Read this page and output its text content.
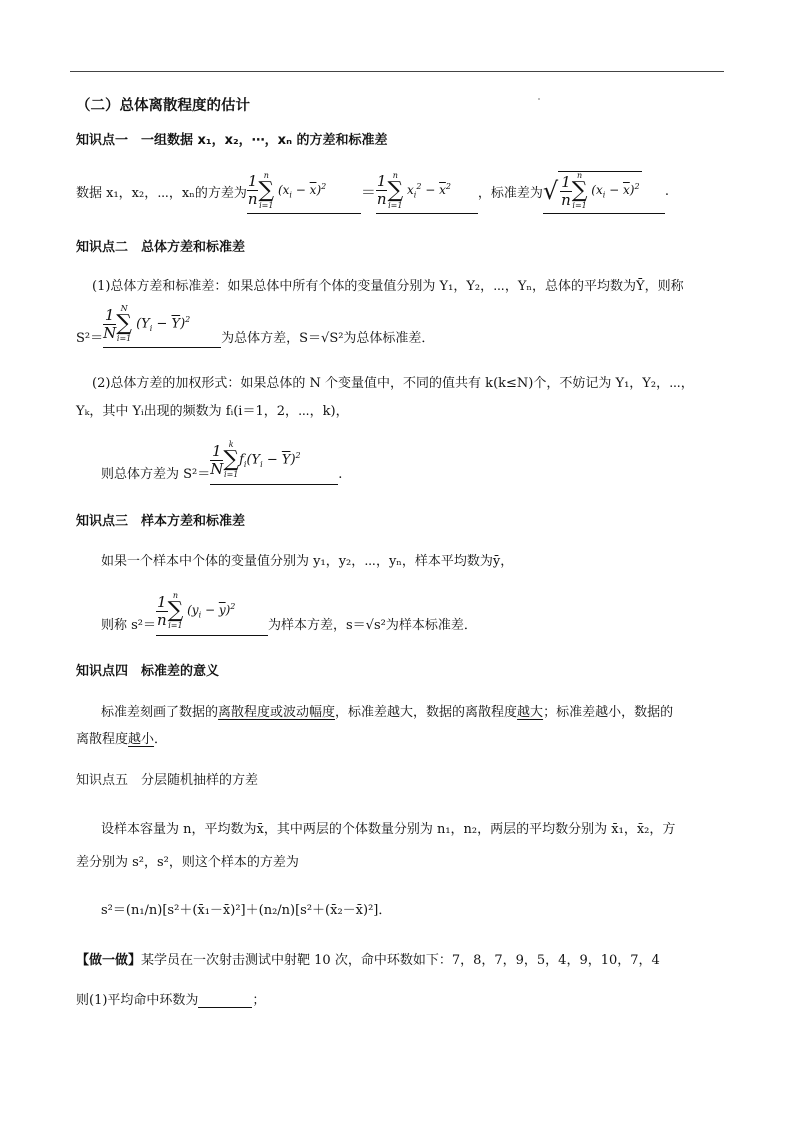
（二）总体离散程度的估计
知识点一　一组数据 x₁，x₂，⋯，xₙ 的方差和标准差
数据 x₁，x₂，⋯，xₙ的方差为
1
n
n
∑
i=1
$(x_i - \overline{x})^2$ ＝
1
n
n
∑
i=1
$x_i^2 - \overline{x}^2$ ，标准差为 √ 1
n
n
∑
i=1
$(x_i - \overline{x})^2$ .
知识点二　总体方差和标准差
(1)总体方差和标准差：如果总体中所有个体的变量值分别为 Y₁，Y₂，⋯，Yₙ，总体的平均数为Ȳ，则称
S²＝
1
N
N
∑
i=1
$(Y_i - \overline{Y})^2$
为总体方差，S＝√S²为总体标准差．
(2)总体方差的加权形式：如果总体的 N 个变量值中，不同的值共有 k(k≤N)个，不妨记为 Y₁，Y₂，⋯，
Yₖ，其中 Yᵢ出现的频数为 fᵢ(i＝1，2，⋯，k)，
则总体方差为 S²＝
1
N
k
∑
i=1
$f_i(Y_i - \overline{Y})^2$
.
知识点三　样本方差和标准差
如果一个样本中个体的变量值分别为 y₁，y₂，⋯，yₙ，样本平均数为ȳ，
则称 s²＝
1
n
n
∑
i=1
$(y_i - \overline{y})^2$
为样本方差，s＝√s²为样本标准差．
知识点四　标准差的意义
标准差刻画了数据的离散程度或波动幅度，标准差越大，数据的离散程度越大；标准差越小，数据的
离散程度越小．
知识点五　分层随机抽样的方差
设样本容量为 n，平均数为x̄，其中两层的个体数量分别为 n₁，n₂，两层的平均数分别为 x̄₁，x̄₂，方
差分别为 s²，s²，则这个样本的方差为
s²＝(n₁/n)[s²＋(x̄₁－x̄)²]＋(n₂/n)[s²＋(x̄₂－x̄)²]．
【做一做】某学员在一次射击测试中射靶 10 次，命中环数如下：7，8，7，9，5，4，9，10，7，4
则(1)平均命中环数为	；
